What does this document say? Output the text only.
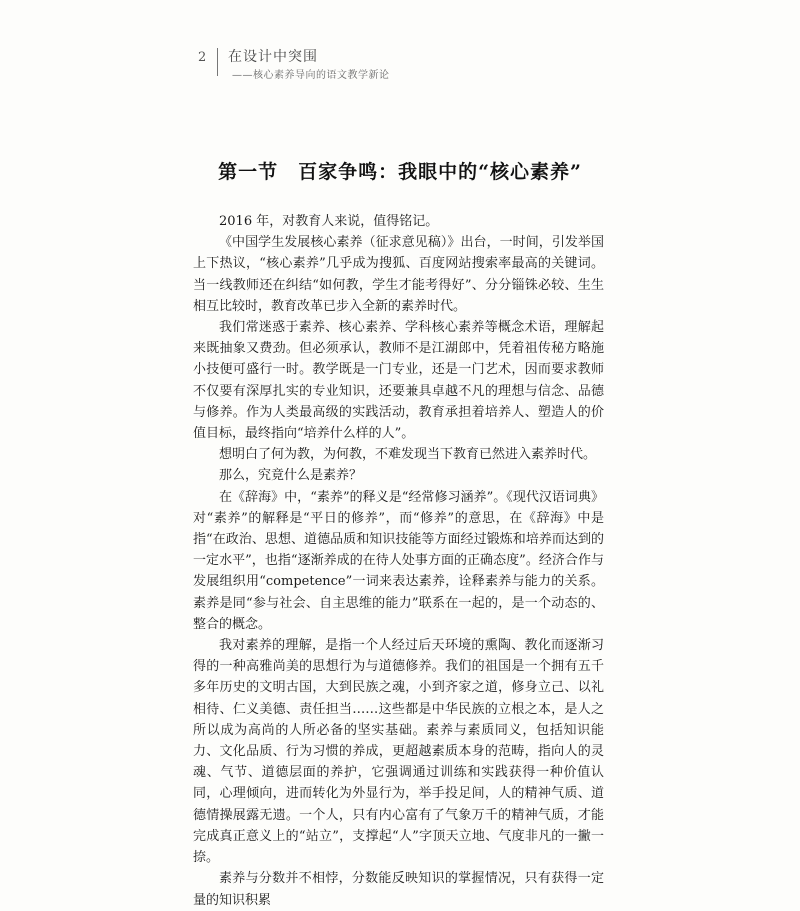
2 在设计中突围
——核心素养导向的语文教学新论
第一节　百家争鸣：我眼中的“核心素养”

2016 年，对教育人来说，值得铭记。

《中国学生发展核心素养（征求意见稿）》出台，一时间，引发举国上下热议，“核心素养”几乎成为搜狐、百度网站搜索率最高的关键词。当一线教师还在纠结“如何教，学生才能考得好”、分分锱铢必较、生生相互比较时，教育改革已步入全新的素养时代。

我们常迷惑于素养、核心素养、学科核心素养等概念术语，理解起来既抽象又费劲。但必须承认，教师不是江湖郎中，凭着祖传秘方略施小技便可盛行一时。教学既是一门专业，还是一门艺术，因而要求教师不仅要有深厚扎实的专业知识，还要兼具卓越不凡的理想与信念、品德与修养。作为人类最高级的实践活动，教育承担着培养人、塑造人的价值目标，最终指向“培养什么样的人”。

想明白了何为教，为何教，不难发现当下教育已然进入素养时代。

那么，究竟什么是素养？

在《辞海》中，“素养”的释义是“经常修习涵养”。《现代汉语词典》对“素养”的解释是“平日的修养”，而“修养”的意思，在《辞海》中是指“在政治、思想、道德品质和知识技能等方面经过锻炼和培养而达到的一定水平”，也指“逐渐养成的在待人处事方面的正确态度”。经济合作与发展组织用“competence”一词来表达素养，诠释素养与能力的关系。素养是同“参与社会、自主思维的能力”联系在一起的，是一个动态的、整合的概念。

我对素养的理解，是指一个人经过后天环境的熏陶、教化而逐渐习得的一种高雅尚美的思想行为与道德修养。我们的祖国是一个拥有五千多年历史的文明古国，大到民族之魂，小到齐家之道，修身立己、以礼相待、仁义美德、责任担当……这些都是中华民族的立根之本，是人之所以成为高尚的人所必备的坚实基础。素养与素质同义，包括知识能力、文化品质、行为习惯的养成，更超越素质本身的范畴，指向人的灵魂、气节、道德层面的养护，它强调通过训练和实践获得一种价值认同，心理倾向，进而转化为外显行为，举手投足间，人的精神气质、道德情操展露无遗。一个人，只有内心富有了气象万千的精神气质，才能完成真正意义上的“站立”，支撑起“人”字顶天立地、气度非凡的一撇一捺。

素养与分数并不相悖，分数能反映知识的掌握情况，只有获得一定量的知识积累
